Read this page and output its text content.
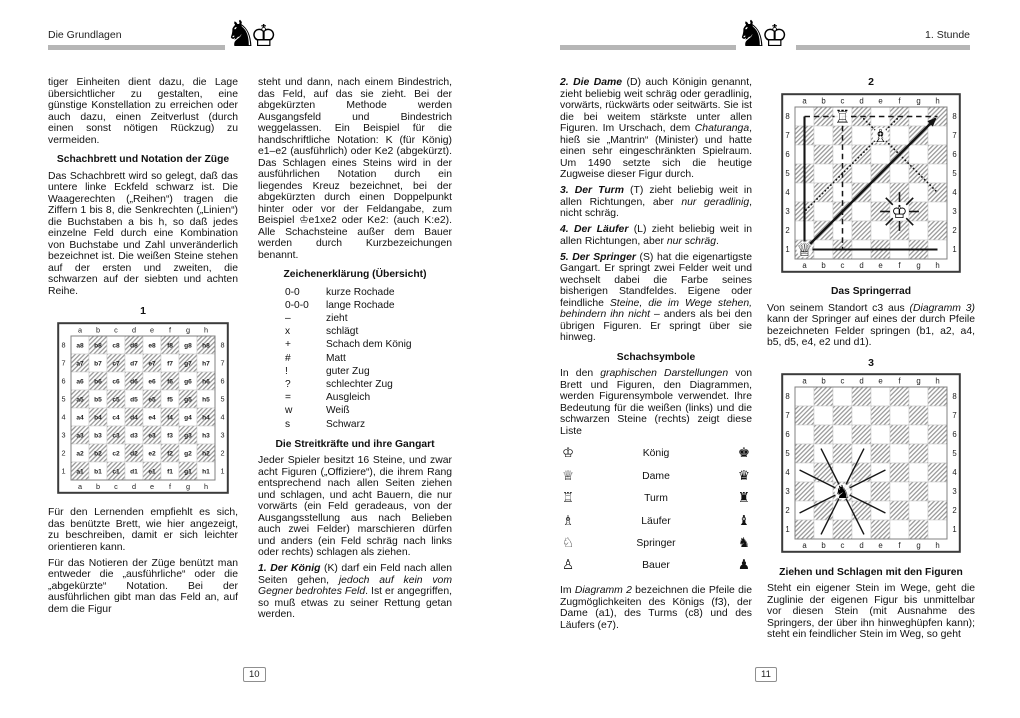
Die Grundlagen	1. Stunde
♞
♔	♞
♔

tiger Einheiten dient dazu, die Lage übersichtlicher zu gestalten, eine günstige Konstellation zu erreichen oder auch dazu, einen Zeitverlust (durch einen sonst nötigen Rückzug) zu vermeiden.

Schachbrett und Notation der Züge

Das Schachbrett wird so gelegt, daß das untere linke Eckfeld schwarz ist. Die Waagerechten („Reihen“) tragen die Ziffern 1 bis 8, die Senkrechten („Linien“) die Buchstaben a bis h, so daß jedes einzelne Feld durch eine Kombination von Buchstabe und Zahl unveränderlich bezeichnet ist. Die weißen Steine stehen auf der ersten und zweiten, die schwarzen auf der siebten und achten Reihe.

1
a
a
b
b
c
c
d
d
e
e
f
f
g
g
h
h
8	8
7	7
6	6
5	5
4	4
3	3
2	2
1	1
a8 b8 c8 d8 e8 f8 g8 h8
a7 b7 c7 d7 e7 f7 g7 h7
a6 b6 c6 d6 e6 f6 g6 h6
a5 b5 c5 d5 e5 f5 g5 h5
a4 b4 c4 d4 e4 f4 g4 h4
a3 b3 c3 d3 e3 f3 g3 h3
a2 b2 c2 d2 e2 f2 g2 h2
a1 b1 c1 d1 e1 f1 g1 h1

Für den Lernenden empfiehlt es sich, das benützte Brett, wie hier angezeigt, zu beschreiben, damit er sich leichter orientieren kann.

Für das Notieren der Züge benützt man entweder die „ausführliche“ oder die „abgekürzte“ Notation. Bei der ausführlichen gibt man das Feld an, auf dem die Figur

steht und dann, nach einem Bindestrich, das Feld, auf das sie zieht. Bei der abgekürzten Methode werden Ausgangsfeld und Bindestrich weggelassen. Ein Beispiel für die handschriftliche Notation: K (für König) e1–e2 (ausführlich) oder Ke2 (abgekürzt). Das Schlagen eines Steins wird in der ausführlichen Notation durch ein liegendes Kreuz bezeichnet, bei der abgekürzten durch einen Doppelpunkt hinter oder vor der Feldangabe, zum Beispiel ♔e1xe2 oder Ke2: (auch K:e2). Alle Schachsteine außer dem Bauer werden durch Kurzbezeichungen benannt.

Zeichenerklärung (Übersicht)
0-0	kurze Rochade
0-0-0	lange Rochade
–	zieht
x	schlägt
+	Schach dem König
#	Matt
!	guter Zug
?	schlechter Zug
=	Ausgleich
w	Weiß
s	Schwarz
Die Streitkräfte und ihre Gangart

Jeder Spieler besitzt 16 Steine, und zwar acht Figuren („Offiziere“), die ihrem Rang entsprechend nach allen Seiten ziehen und schlagen, und acht Bauern, die nur vorwärts (ein Feld geradeaus, von der Ausgangsstellung aus nach Belieben auch zwei Felder) marschieren dürfen und anders (ein Feld schräg nach links oder rechts) schlagen als ziehen.

1. Der König (K) darf ein Feld nach allen Seiten gehen, jedoch auf kein vom Gegner bedrohtes Feld. Ist er angegriffen, so muß etwas zu seiner Rettung getan werden.

2. Die Dame (D) auch Königin genannt, zieht beliebig weit schräg oder geradlinig, vorwärts, rückwärts oder seitwärts. Sie ist die bei weitem stärkste unter allen Figuren. Im Urschach, dem Chaturanga, hieß sie „Mantrin“ (Minister) und hatte einen sehr eingeschränkten Spielraum. Um 1490 setzte sich die heutige Zugweise dieser Figur durch.

3. Der Turm (T) zieht beliebig weit in allen Richtungen, aber nur geradlinig, nicht schräg.

4. Der Läufer (L) zieht beliebig weit in allen Richtungen, aber nur schräg.

5. Der Springer (S) hat die eigenartigste Gangart. Er springt zwei Felder weit und wechselt dabei die Farbe seines bisherigen Standfeldes. Eigene oder feindliche Steine, die im Wege stehen, behindern ihn nicht – anders als bei den übrigen Figuren. Er springt über sie hinweg.

Schachsymbole

In den graphischen Darstellungen von Brett und Figuren, den Diagrammen, werden Figurensymbole verwendet. Ihre Bedeutung für die weißen (links) und die schwarzen Steine (rechts) zeigt diese Liste

♔	König	♚
♕	Dame	♛
♖	Turm	♜
♗	Läufer	♝
♘	Springer	♞
♙	Bauer	♟

Im Diagramm 2 bezeichnen die Pfeile die Zugmöglichkeiten des Königs (f3), der Dame (a1), des Turms (c8) und des Läufers (e7).

2
a
a
b
b
c
c
d
d
e
e
f
f
g
g
h
h
8	8
7	7
6	6
5	5
4	4
3	3
2	2
1	1
♖
♗
♔
♕
Das Springerrad

Von seinem Standort c3 aus (Diagramm 3) kann der Springer auf eines der durch Pfeile bezeichneten Felder springen (b1, a2, a4, b5, d5, e4, e2 und d1).

3
a
a
b
b
c
c
d
d
e
e
f
f
g
g
h
h
8	8
7	7
6	6
5	5
4	4
3	3
2	2
1	1
♞
Ziehen und Schlagen mit den Figuren

Steht ein eigener Stein im Wege, geht die Zuglinie der eigenen Figur bis unmittelbar vor diesen Stein (mit Ausnahme des Springers, der über ihn hinweghüpfen kann); steht ein feindlicher Stein im Weg, so geht

10	11
